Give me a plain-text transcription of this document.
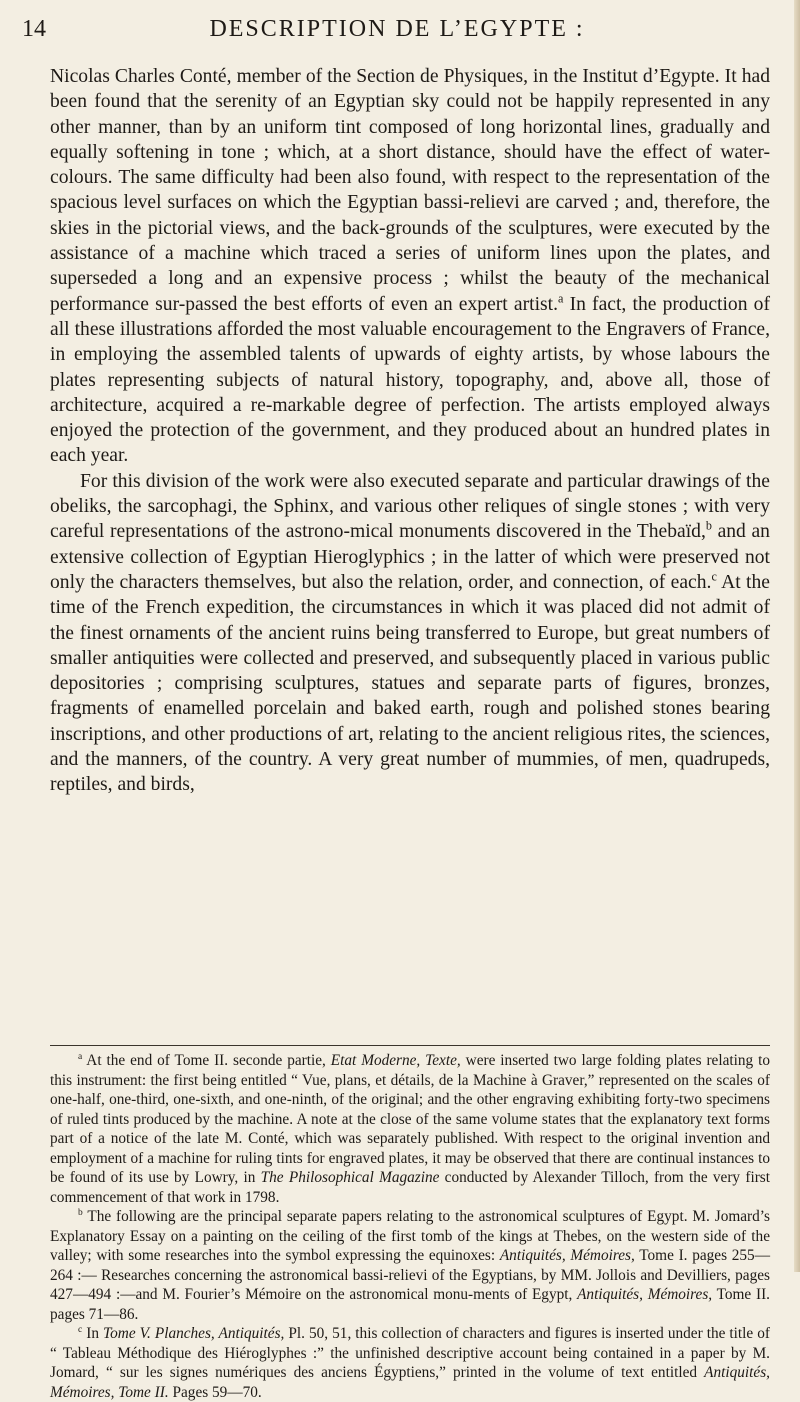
14	DESCRIPTION DE L’EGYPTE :

Nicolas Charles Conté, member of the Section de Physiques, in the Institut d’Egypte. It had been found that the serenity of an Egyptian sky could not be happily represented in any other manner, than by an uniform tint composed of long horizontal lines, gradually and equally softening in tone ; which, at a short distance, should have the effect of water-colours. The same difficulty had been also found, with respect to the representation of the spacious level surfaces on which the Egyptian bassi-relievi are carved ; and, therefore, the skies in the pictorial views, and the back-grounds of the sculptures, were executed by the assistance of a machine which traced a series of uniform lines upon the plates, and superseded a long and an expensive process ; whilst the beauty of the mechanical performance sur-passed the best efforts of even an expert artist.$^a$ In fact, the production of all these illustrations afforded the most valuable encouragement to the Engravers of France, in employing the assembled talents of upwards of eighty artists, by whose labours the plates representing subjects of natural history, topography, and, above all, those of architecture, acquired a re-markable degree of perfection. The artists employed always enjoyed the protection of the government, and they produced about an hundred plates in each year.

For this division of the work were also executed separate and particular drawings of the obeliks, the sarcophagi, the Sphinx, and various other reliques of single stones ; with very careful representations of the astrono-mical monuments discovered in the Thebaïd,$^b$ and an extensive collection of Egyptian Hieroglyphics ; in the latter of which were preserved not only the characters themselves, but also the relation, order, and connection, of each.$^c$ At the time of the French expedition, the circumstances in which it was placed did not admit of the finest ornaments of the ancient ruins being transferred to Europe, but great numbers of smaller antiquities were collected and preserved, and subsequently placed in various public depositories ; comprising sculptures, statues and separate parts of figures, bronzes, fragments of enamelled porcelain and baked earth, rough and polished stones bearing inscriptions, and other productions of art, relating to the ancient religious rites, the sciences, and the manners, of the country. A very great number of mummies, of men, quadrupeds, reptiles, and birds,

$^a$ At the end of Tome II. seconde partie, Etat Moderne, Texte, were inserted two large folding plates relating to this instrument: the first being entitled “ Vue, plans, et détails, de la Machine à Graver,” represented on the scales of one-half, one-third, one-sixth, and one-ninth, of the original; and the other engraving exhibiting forty-two specimens of ruled tints produced by the machine. A note at the close of the same volume states that the explanatory text forms part of a notice of the late M. Conté, which was separately published. With respect to the original invention and employment of a machine for ruling tints for engraved plates, it may be observed that there are continual instances to be found of its use by Lowry, in The Philosophical Magazine conducted by Alexander Tilloch, from the very first commencement of that work in 1798.

$^b$ The following are the principal separate papers relating to the astronomical sculptures of Egypt. M. Jomard’s Explanatory Essay on a painting on the ceiling of the first tomb of the kings at Thebes, on the western side of the valley; with some researches into the symbol expressing the equinoxes: Antiquités, Mémoires, Tome I. pages 255—264 :— Researches concerning the astronomical bassi-relievi of the Egyptians, by MM. Jollois and Devilliers, pages 427—494 :—and M. Fourier’s Mémoire on the astronomical monu-ments of Egypt, Antiquités, Mémoires, Tome II. pages 71—86.

$^c$ In Tome V. Planches, Antiquités, Pl. 50, 51, this collection of characters and figures is inserted under the title of “ Tableau Méthodique des Hiéroglyphes :” the unfinished descriptive account being contained in a paper by M. Jomard, “ sur les signes numériques des anciens Égyptiens,” printed in the volume of text entitled Antiquités, Mémoires, Tome II. Pages 59—70.
